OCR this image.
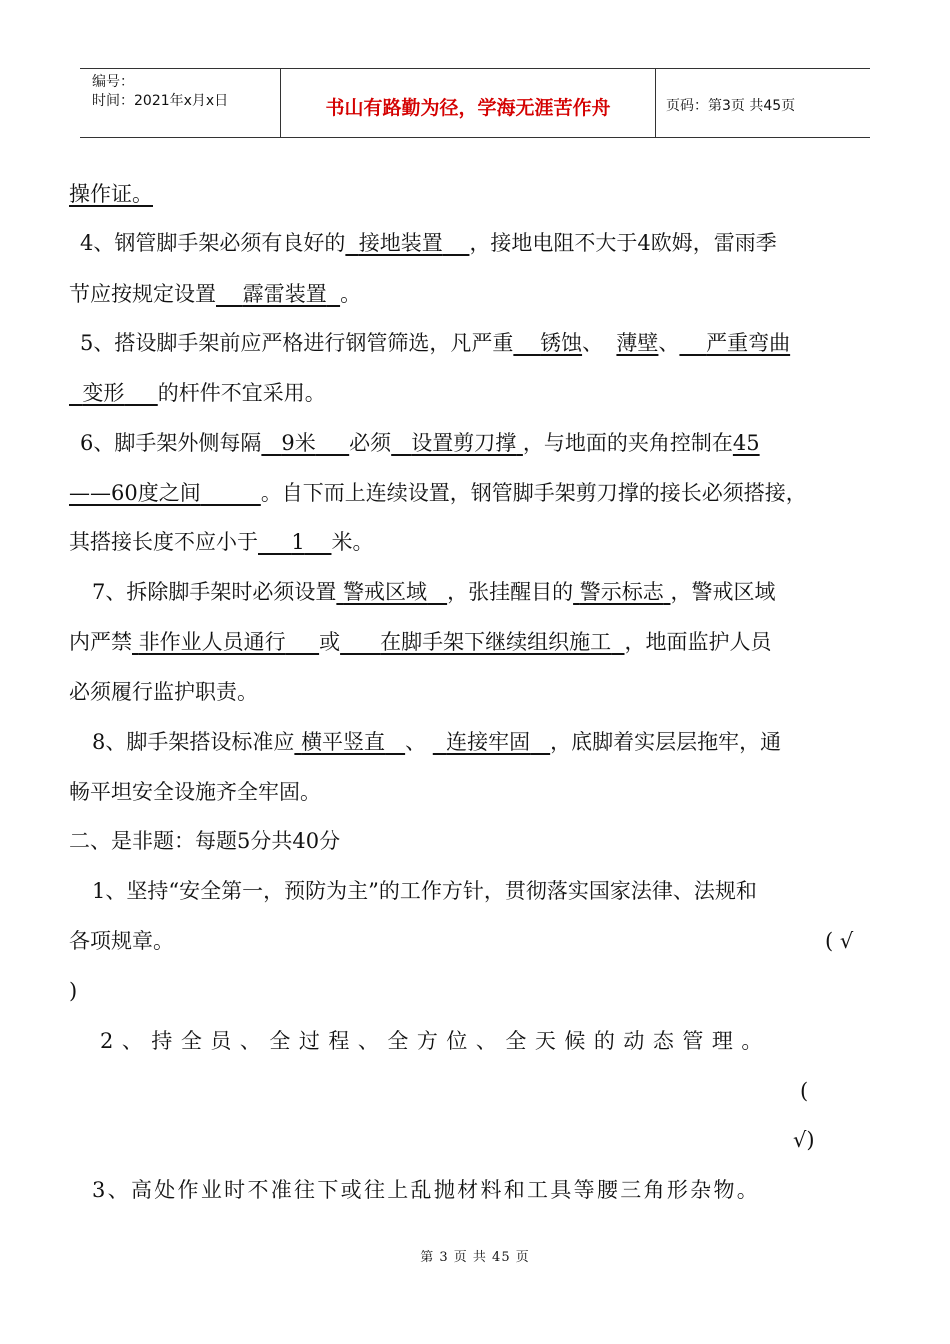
编号：
时间：2021年x月x日	书山有路勤为径，学海无涯苦作舟	页码：第3页 共45页
操作证。
4、钢管脚手架必须有良好的 接地装置 ，接地电阻不大于4欧姆，雷雨季
节应按规定设置 霹雷装置 。
5、搭设脚手架前应严格进行钢管筛选，凡严重 锈蚀、 薄壁、 严重弯曲
变形 的杆件不宜采用。
6、脚手架外侧每隔 9米 必须 设置剪刀撑 ，与地面的夹角控制在45
——60度之间	。自下而上连续设置，钢管脚手架剪刀撑的接长必须搭接，
其搭接长度不应小于 1 米。
7、拆除脚手架时必须设置 警戒区域 ，张挂醒目的 警示标志 ，警戒区域
内严禁 非作业人员通行 或 在脚手架下继续组织施工 ，地面监护人员
必须履行监护职责。
8、脚手架搭设标准应 横平竖直 、 连接牢固 ，底脚着实层层拖牢，通
畅平坦安全设施齐全牢固。
二、是非题：每题5分共40分
1、坚持“安全第一，预防为主”的工作方针，贯彻落实国家法律、法规和
各项规章。	( √
)
2、持全员、全过程、全方位、全天候的动态管理。
(
√)
3、高处作业时不准往下或往上乱抛材料和工具等腰三角形杂物。
第 3 页 共 45 页
